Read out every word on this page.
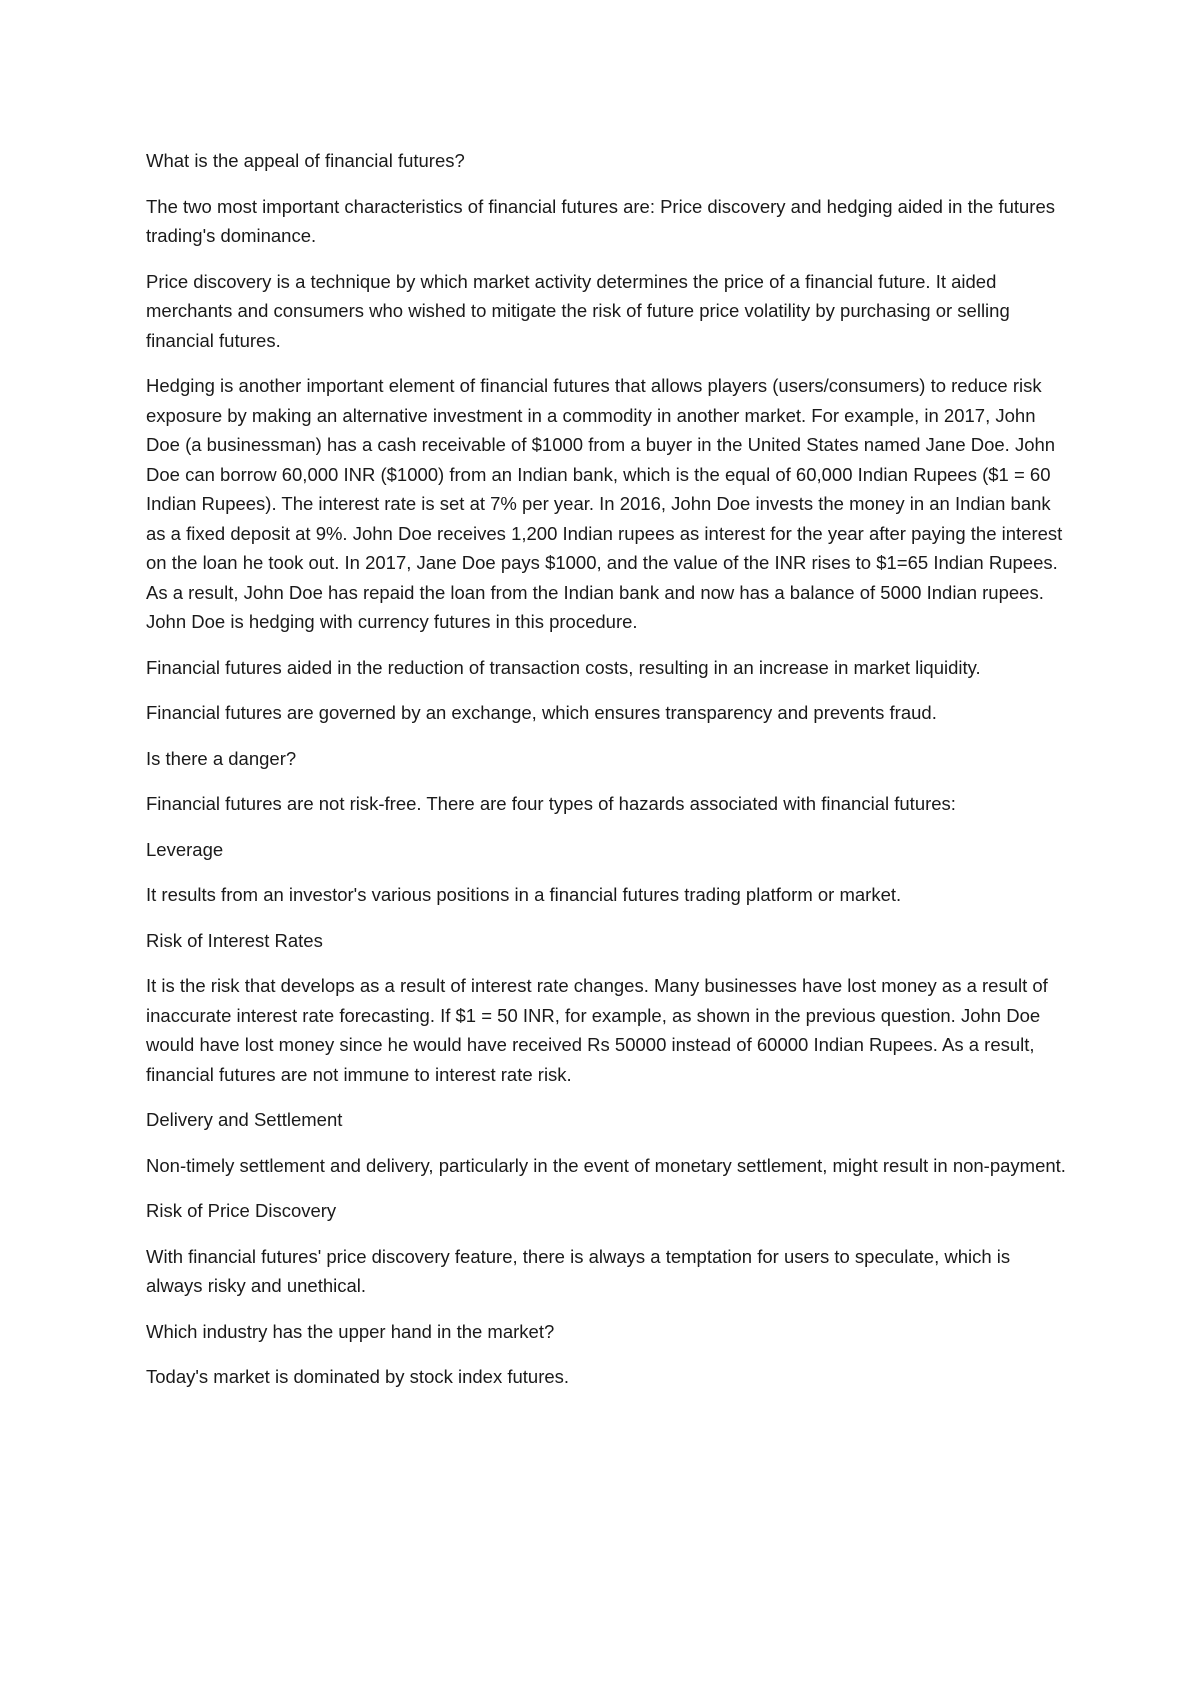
What is the appeal of financial futures?

The two most important characteristics of financial futures are: Price discovery and hedging aided in the futures trading's dominance.

Price discovery is a technique by which market activity determines the price of a financial future. It aided merchants and consumers who wished to mitigate the risk of future price volatility by purchasing or selling financial futures.

Hedging is another important element of financial futures that allows players (users/consumers) to reduce risk exposure by making an alternative investment in a commodity in another market. For example, in 2017, John Doe (a businessman) has a cash receivable of $1000 from a buyer in the United States named Jane Doe. John Doe can borrow 60,000 INR ($1000) from an Indian bank, which is the equal of 60,000 Indian Rupees ($1 = 60 Indian Rupees). The interest rate is set at 7% per year. In 2016, John Doe invests the money in an Indian bank as a fixed deposit at 9%. John Doe receives 1,200 Indian rupees as interest for the year after paying the interest on the loan he took out. In 2017, Jane Doe pays $1000, and the value of the INR rises to $1=65 Indian Rupees. As a result, John Doe has repaid the loan from the Indian bank and now has a balance of 5000 Indian rupees. John Doe is hedging with currency futures in this procedure.

Financial futures aided in the reduction of transaction costs, resulting in an increase in market liquidity.

Financial futures are governed by an exchange, which ensures transparency and prevents fraud.

Is there a danger?

Financial futures are not risk-free. There are four types of hazards associated with financial futures:

Leverage

It results from an investor's various positions in a financial futures trading platform or market.

Risk of Interest Rates

It is the risk that develops as a result of interest rate changes. Many businesses have lost money as a result of inaccurate interest rate forecasting. If $1 = 50 INR, for example, as shown in the previous question. John Doe would have lost money since he would have received Rs 50000 instead of 60000 Indian Rupees. As a result, financial futures are not immune to interest rate risk.

Delivery and Settlement

Non-timely settlement and delivery, particularly in the event of monetary settlement, might result in non-payment.

Risk of Price Discovery

With financial futures' price discovery feature, there is always a temptation for users to speculate, which is always risky and unethical.

Which industry has the upper hand in the market?

Today's market is dominated by stock index futures.
